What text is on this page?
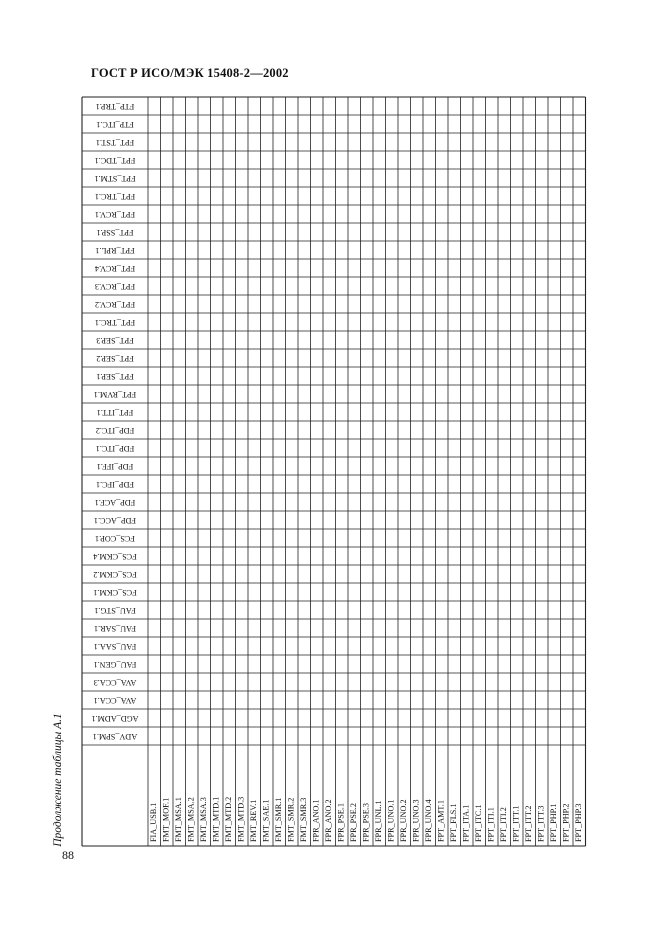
ГОСТ Р ИСО/МЭК 15408-2—2002
FTP_TRP.1
FTP_ITC.1
FPT_TST.1
FPT_TDC.1
FPT_STM.1
FPT_TRC.1
FPT_RCV.1
FPT_SSP.1
FPT_RPL.1
FPT_RCV.4
FPT_RCV.3
FPT_RCV.2
FPT_TRC.1
FPT_SEP.3
FPT_SEP.2
FPT_SEP.1
FPT_RVM.1
FPT_ITT.1
FDP_ITC.2
FDP_ITC.1
FDP_IFF.1
FDP_IFC.1
FDP_ACF.1
FDP_ACC.1
FCS_COP.1
FCS_CKM.4
FCS_CKM.2
FCS_CKM.1
FAU_STG.1
FAU_SAR.1
FAU_SAA.1
FAU_GEN.1
AVA_CCA.3
AVA_CCA.1
AGD_ADM.1
ADV_SPM.1
FIA_USB.1 FMT_MOF.1 FMT_MSA.1 FMT_MSA.2 FMT_MSA.3 FMT_MTD.1 FMT_MTD.2 FMT_MTD.3 FMT_REV.1 FMT_SAE.1 FMT_SMR.1 FMT_SMR.2 FMT_SMR.3 FPR_ANO.1 FPR_ANO.2 FPR_PSE.1 FPR_PSE.2 FPR_PSE.3 FPR_UNL.1 FPR_UNO.1 FPR_UNO.2 FPR_UNO.3 FPR_UNO.4 FPT_AMT.1 FPT_FLS.1 FPT_ITA.1 FPT_ITC.1 FPT_ITI.1 FPT_ITI.2 FPT_ITT.1 FPT_ITT.2 FPT_ITT.3 FPT_PHP.1 FPT_PHP.2 FPT_PHP.3
Продолжение таблицы А.1
88
